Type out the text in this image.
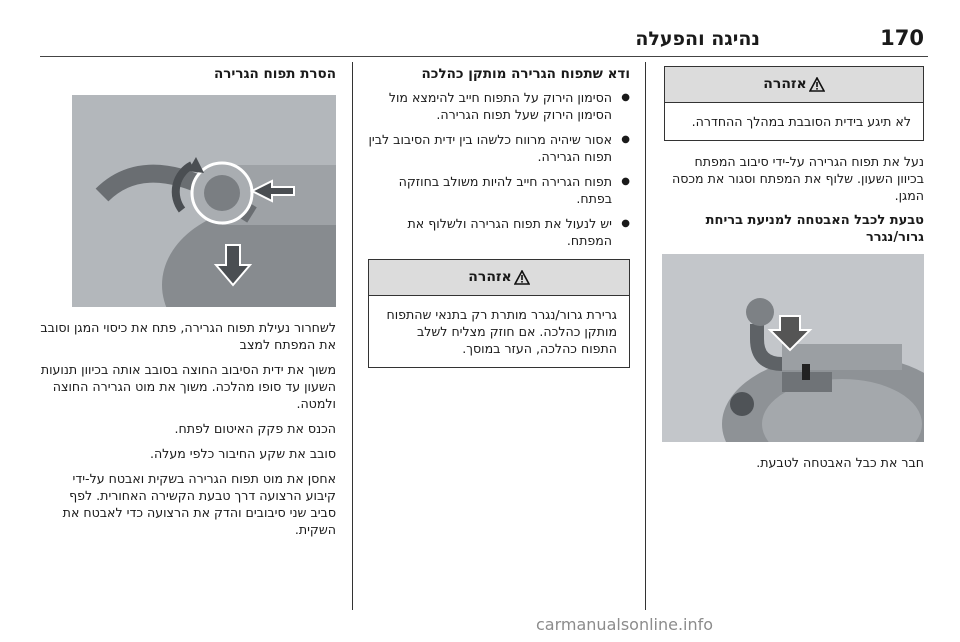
נהיגה והפעלה	170
אזהרה
לא תיגע בידית הסובבת במהלך ההחדרה.

נעל את תפוח הגרירה על-ידי סיבוב המפתח בכיוון השעון. שלוף את המפתח וסגור את מכסה המגן.

טבעת לכבל האבטחה למניעת בריחת גרור/נגרר

חבר את כבל האבטחה לטבעת.

ודא שתפוח הגרירה מותקן כהלכה
● הסימון הירוק על התפוח חייב להימצא מול הסימון הירוק שעל תפוח הגרירה.
● אסור שיהיה מרווח כלשהו בין ידית הסיבוב לבין תפוח הגרירה.
● תפוח הגרירה חייב להיות משולב בחוזקה בפתח.
● יש לנעול את תפוח הגרירה ולשלוף את המפתח.
אזהרה
גרירת גרור/נגרר מותרת רק בתנאי שהתפוח מותקן כהלכה. אם חוזק מצליח לשלב התפוח כהלכה, העזר במוסך.
הסרת תפוח הגרירה

לשחרור נעילת תפוח הגרירה, פתח את כיסוי המגן וסובב את המפתח למצב

משוך את ידית הסיבוב החוצה בסובב אותה בכיוון תנועות השעון עד סופו מהלכה. משוך את מוט הגרירה החוצה ולמטה.

הכנס את פקק האיטום לפתח.

סובב את שקע החיבור כלפי מעלה.

אחסן את מוט תפוח הגרירה בשקית ואבטח על-ידי קיבוע הרצועה דרך טבעת הקשירה האחורית. לפף סביב שני סיבובים והדק את הרצועה כדי לאבטח את השקית.

carmanualsonline.info
